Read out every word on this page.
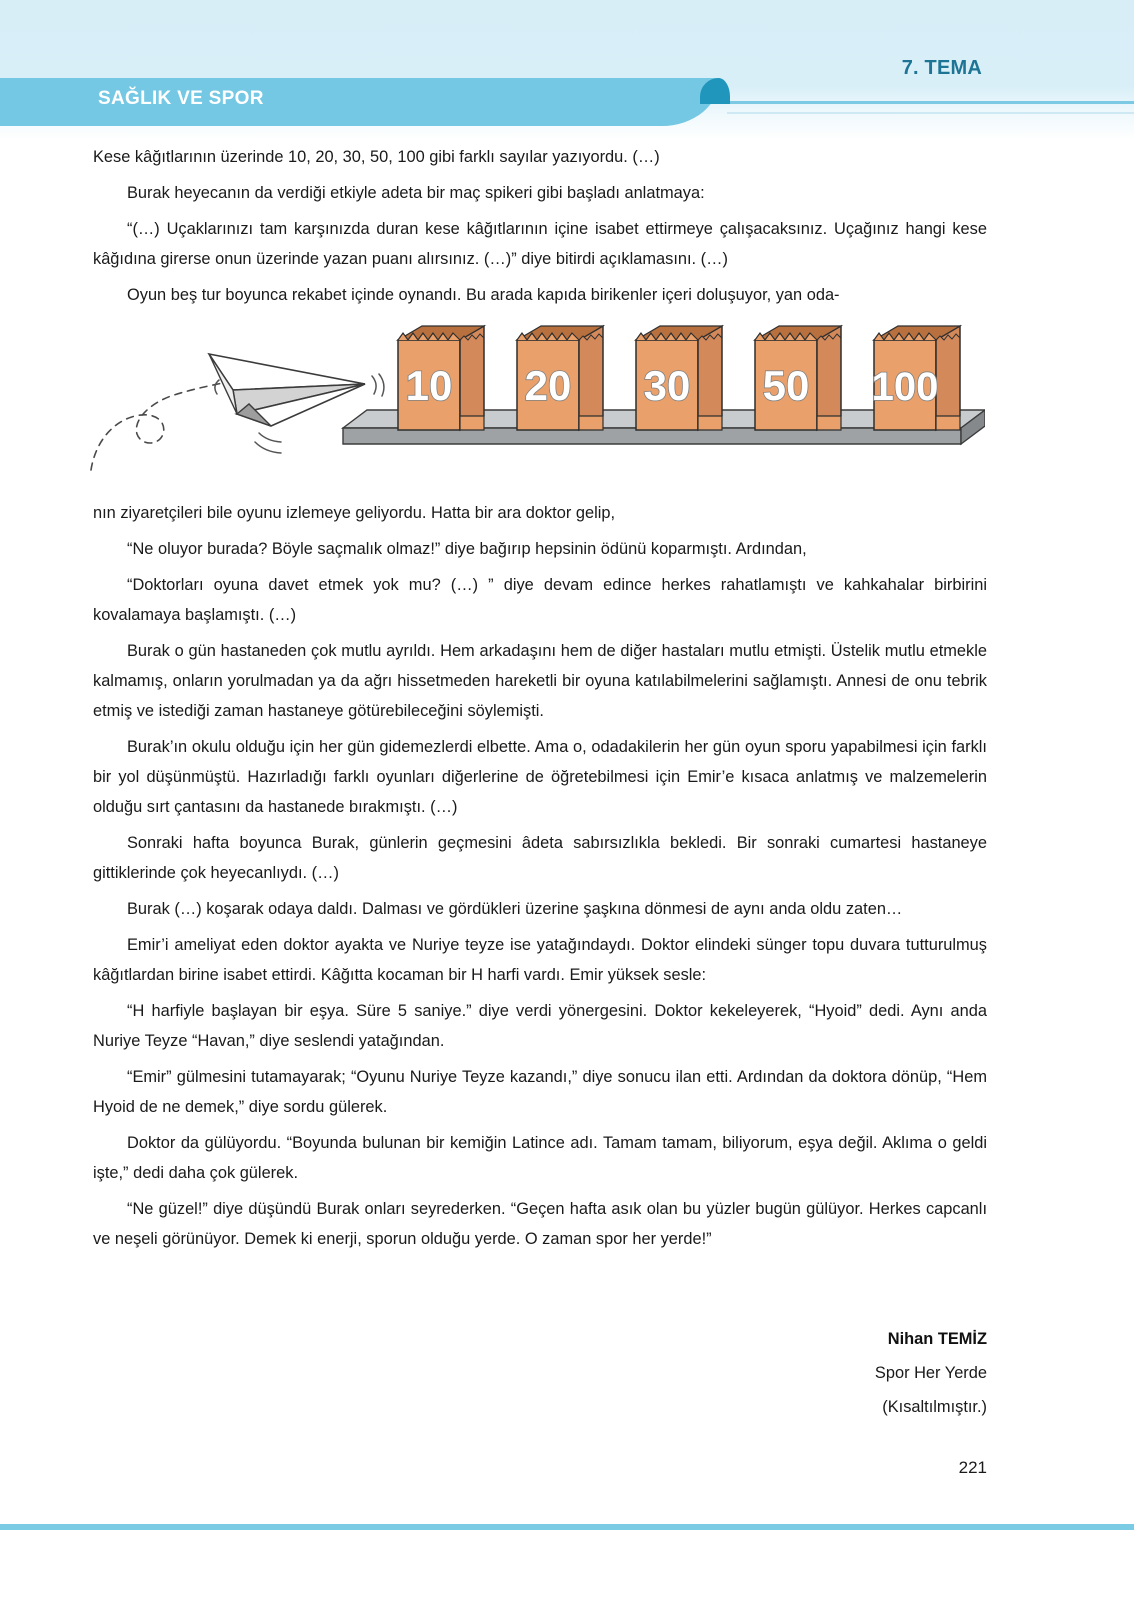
7. TEMA
SAĞLIK VE SPOR

Kese kâğıtlarının üzerinde 10, 20, 30, 50, 100 gibi farklı sayılar yazıyordu. (…)

Burak heyecanın da verdiği etkiyle adeta bir maç spikeri gibi başladı anlatmaya:

“(…) Uçaklarınızı tam karşınızda duran kese kâğıtlarının içine isabet ettirmeye çalışacaksınız. Uçağınız hangi kese kâğıdına girerse onun üzerinde yazan puanı alırsınız. (…)” diye bitirdi açıklamasını. (…)

Oyun beş tur boyunca rekabet içinde oynandı. Bu arada kapıda birikenler içeri doluşuyor, yan oda-

10 20 30 50 100

nın ziyaretçileri bile oyunu izlemeye geliyordu. Hatta bir ara doktor gelip,

“Ne oluyor burada? Böyle saçmalık olmaz!” diye bağırıp hepsinin ödünü koparmıştı. Ardından,

“Doktorları oyuna davet etmek yok mu? (…) ” diye devam edince herkes rahatlamıştı ve kahkahalar birbirini kovalamaya başlamıştı. (…)

Burak o gün hastaneden çok mutlu ayrıldı. Hem arkadaşını hem de diğer hastaları mutlu etmişti. Üstelik mutlu etmekle kalmamış, onların yorulmadan ya da ağrı hissetmeden hareketli bir oyuna katılabilmelerini sağlamıştı. Annesi de onu tebrik etmiş ve istediği zaman hastaneye götürebileceğini söylemişti.

Burak’ın okulu olduğu için her gün gidemezlerdi elbette. Ama o, odadakilerin her gün oyun sporu yapabilmesi için farklı bir yol düşünmüştü. Hazırladığı farklı oyunları diğerlerine de öğretebilmesi için Emir’e kısaca anlatmış ve malzemelerin olduğu sırt çantasını da hastanede bırakmıştı. (…)

Sonraki hafta boyunca Burak, günlerin geçmesini âdeta sabırsızlıkla bekledi. Bir sonraki cumartesi hastaneye gittiklerinde çok heyecanlıydı. (…)

Burak (…) koşarak odaya daldı. Dalması ve gördükleri üzerine şaşkına dönmesi de aynı anda oldu zaten…

Emir’i ameliyat eden doktor ayakta ve Nuriye teyze ise yatağındaydı. Doktor elindeki sünger topu duvara tutturulmuş kâğıtlardan birine isabet ettirdi. Kâğıtta kocaman bir H harfi vardı. Emir yüksek sesle:

“H harfiyle başlayan bir eşya. Süre 5 saniye.” diye verdi yönergesini. Doktor kekeleyerek, “Hyoid” dedi. Aynı anda Nuriye Teyze “Havan,” diye seslendi yatağından.

“Emir” gülmesini tutamayarak; “Oyunu Nuriye Teyze kazandı,” diye sonucu ilan etti. Ardından da doktora dönüp, “Hem Hyoid de ne demek,” diye sordu gülerek.

Doktor da gülüyordu. “Boyunda bulunan bir kemiğin Latince adı. Tamam tamam, biliyorum, eşya değil. Aklıma o geldi işte,” dedi daha çok gülerek.

“Ne güzel!” diye düşündü Burak onları seyrederken. “Geçen hafta asık olan bu yüzler bugün gülüyor. Herkes capcanlı ve neşeli görünüyor. Demek ki enerji, sporun olduğu yerde. O zaman spor her yerde!”

Nihan TEMİZ
Spor Her Yerde
(Kısaltılmıştır.)
221
